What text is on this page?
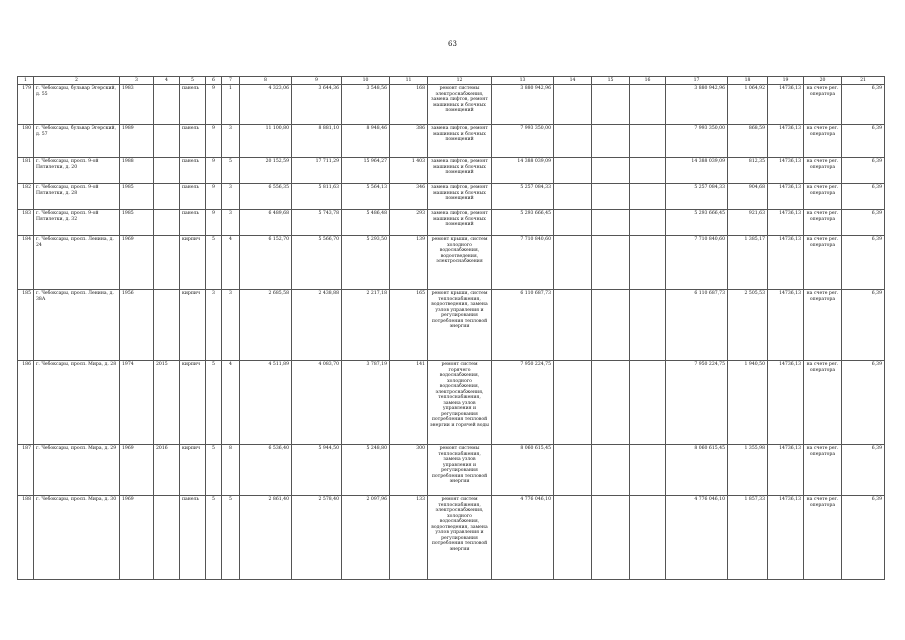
63
1	2	3	4	5	6	7	8	9	10	11	12	13	14	15	16	17	18	19	20	21
179	г. Чебоксары, бульвар Эгерский, д. 55	1983		панель	9	1	4 323,06	3 644,36	3 548,56	168	ремонт системы электроснабжения, замена лифтов, ремонт машинных и блочных помещений	3 880 942,96				3 880 942,96	1 064,92	14736,13	на счете рег. оператора	6,39
180	г. Чебоксары, бульвар Эгерский, д. 57	1989		панель	9	3	11 100,80	8 881,10	8 948,46	386	замена лифтов, ремонт машинных и блочных помещений	7 993 350,00				7 993 350,00	868,59	14736,13	на счете рег. оператора	6,39
181	г. Чебоксары, просп. 9-ой Пятилетки, д. 20	1988		панель	9	5	20 152,59	17 711,29	15 964,27	1 403	замена лифтов, ремонт машинных и блочных помещений	14 388 039,09				14 388 039,09	812,35	14736,13	на счете рег. оператора	6,39
182	г. Чебоксары, просп. 9-ой Пятилетки, д. 28	1985		панель	9	3	6 556,35	5 811,63	5 564,13	346	замена лифтов, ремонт машинных и блочных помещений	5 257 084,33				5 257 084,33	904,68	14736,13	на счете рег. оператора	6,39
183	г. Чебоксары, просп. 9-ой Пятилетки, д. 32	1985		панель	9	3	6 489,68	5 743,78	5 486,48	293	замена лифтов, ремонт машинных и блочных помещений	5 293 666,45				5 293 666,45	921,63	14736,13	на счете рег. оператора	6,39
184	г. Чебоксары, просп. Ленина, д. 24	1969		кирпич	5	4	6 152,70	5 566,70	5 293,50	139	ремонт крыши, систем холодного водоснабжения, водоотведения, электроснабжения	7 710 840,60				7 710 840,60	1 385,17	14736,13	на счете рег. оператора	6,39
185	г. Чебоксары, просп. Ленина, д. 38А	1956		кирпич	3	3	2 685,58	2 438,88	2 217,18	165	ремонт крыши, систем теплоснабжения, водоотведения, замена узлов управления и регулирования потребления тепловой энергии	6 110 687,73				6 110 687,73	2 505,53	14736,13	на счете рег. оператора	6,39
186	г. Чебоксары, просп. Мира, д. 28	1974	2015	кирпич	5	4	4 511,89	4 083,70	3 787,19	141	ремонт систем горячего водоснабжения, холодного водоснабжения, электроснабжения, теплоснабжения, замена узлов управления и регулирования потребления тепловой энергии и горячей воды	7 950 224,75				7 950 224,75	1 940,50	14736,13	на счете рег. оператора	6,39
187	г. Чебоксары, просп. Мира, д. 29	1969	2016	кирпич	5	8	6 536,40	5 944,50	5 248,80	300	ремонт системы теплоснабжения, замена узлов управления и регулирования потребления тепловой энергии	8 060 615,45				8 060 615,45	1 355,98	14736,13	на счете рег. оператора	6,39
188	г. Чебоксары, просп. Мира, д. 30	1969		панель	5	5	2 861,40	2 578,40	2 097,96	133	ремонт систем теплоснабжения, электроснабжения, холодного водоснабжения, водоотведения, замена узлов управления и регулирования потребления тепловой энергии	4 776 046,10				4 776 046,10	1 857,33	14736,13	на счете рег. оператора	6,39
